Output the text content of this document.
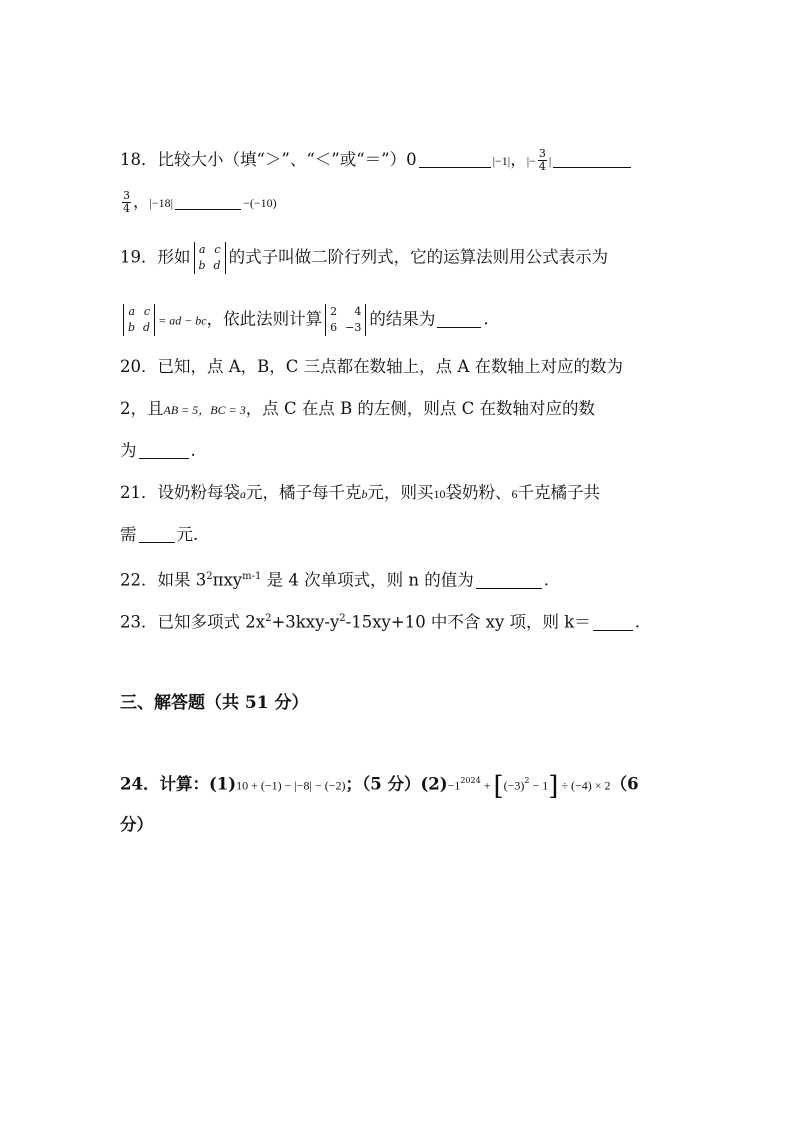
18．比较大小（填“＞”、“＜”或“＝”）0	|−1|，|− $\frac{3}{4}$ |
$\frac{3}{4}$ ，|−18|	−(−10)
19．形如 a c
b d 的式子叫做二阶行列式，它的运算法则用公式表示为
a c
b d = ad − bc，依此法则计算 2	4
6 −3 的结果为	.
20．已知，点 A，B，C 三点都在数轴上，点 A 在数轴上对应的数为
2，且AB = 5，BC = 3，点 C 在点 B 的左侧，则点 C 在数轴对应的数
为	.
21．设奶粉每袋a元，橘子每千克b元，则买10袋奶粉、6千克橘子共
需 元.
22．如果 $3^2\pi xy^{m-1}$ 是 4 次单项式，则 n 的值为	.
23．已知多项式 $2x^2+3kxy-y^2-15xy+10$ 中不含 xy 项，则 k＝	.
三、解答题（共 51 分）
24．计算：(1)10 + (−1) − |−8| − (−2)；（5 分）$(2)-1^{2024} + [(-3)^2 - 1] \div (-4) \times 2(6$
分）
